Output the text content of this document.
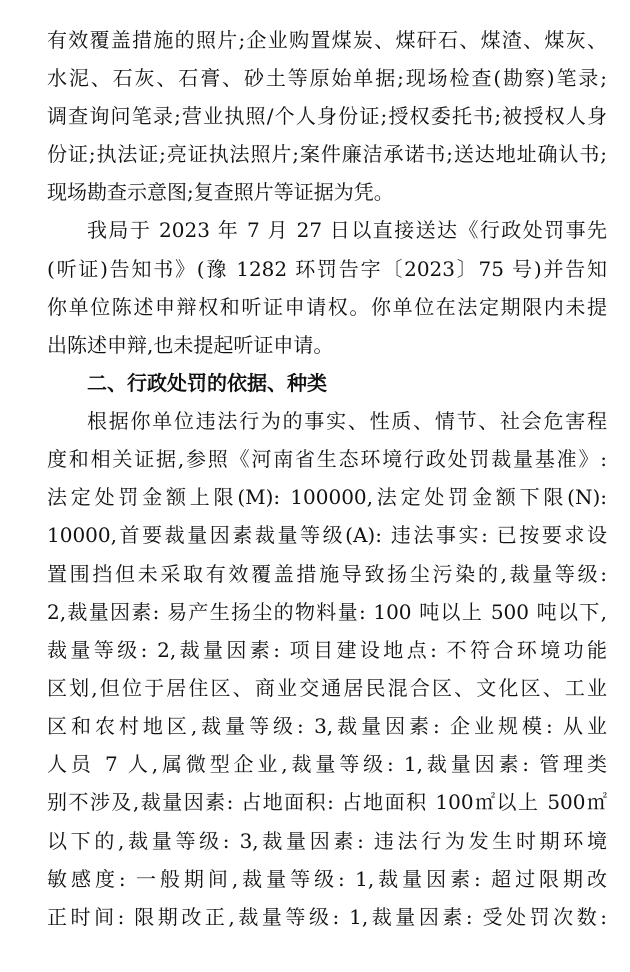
有效覆盖措施的照片;企业购置煤炭、煤矸石、煤渣、煤灰、
水泥、石灰、石膏、砂土等原始单据;现场检查(勘察)笔录;
调查询问笔录;营业执照/个人身份证;授权委托书;被授权人身
份证;执法证;亮证执法照片;案件廉洁承诺书;送达地址确认书;
现场勘查示意图;复查照片等证据为凭。
我局于 2023 年 7 月 27 日以直接送达《行政处罚事先
(听证)告知书》(豫 1282 环罚告字〔2023〕75 号)并告知
你单位陈述申辩权和听证申请权。你单位在法定期限内未提
出陈述申辩,也未提起听证申请。
二、行政处罚的依据、种类
根据你单位违法行为的事实、性质、情节、社会危害程
度和相关证据,参照《河南省生态环境行政处罚裁量基准》:
法定处罚金额上限(M): 100000,法定处罚金额下限(N):
10000,首要裁量因素裁量等级(A): 违法事实: 已按要求设
置围挡但未采取有效覆盖措施导致扬尘污染的,裁量等级:
2,裁量因素: 易产生扬尘的物料量: 100 吨以上 500 吨以下,
裁量等级: 2,裁量因素: 项目建设地点: 不符合环境功能
区划,但位于居住区、商业交通居民混合区、文化区、工业
区和农村地区,裁量等级: 3,裁量因素: 企业规模: 从业
人员 7 人,属微型企业,裁量等级: 1,裁量因素: 管理类
别不涉及,裁量因素: 占地面积: 占地面积 100㎡以上 500㎡
以下的,裁量等级: 3,裁量因素: 违法行为发生时期环境
敏感度: 一般期间,裁量等级: 1,裁量因素: 超过限期改
正时间: 限期改正,裁量等级: 1,裁量因素: 受处罚次数:
